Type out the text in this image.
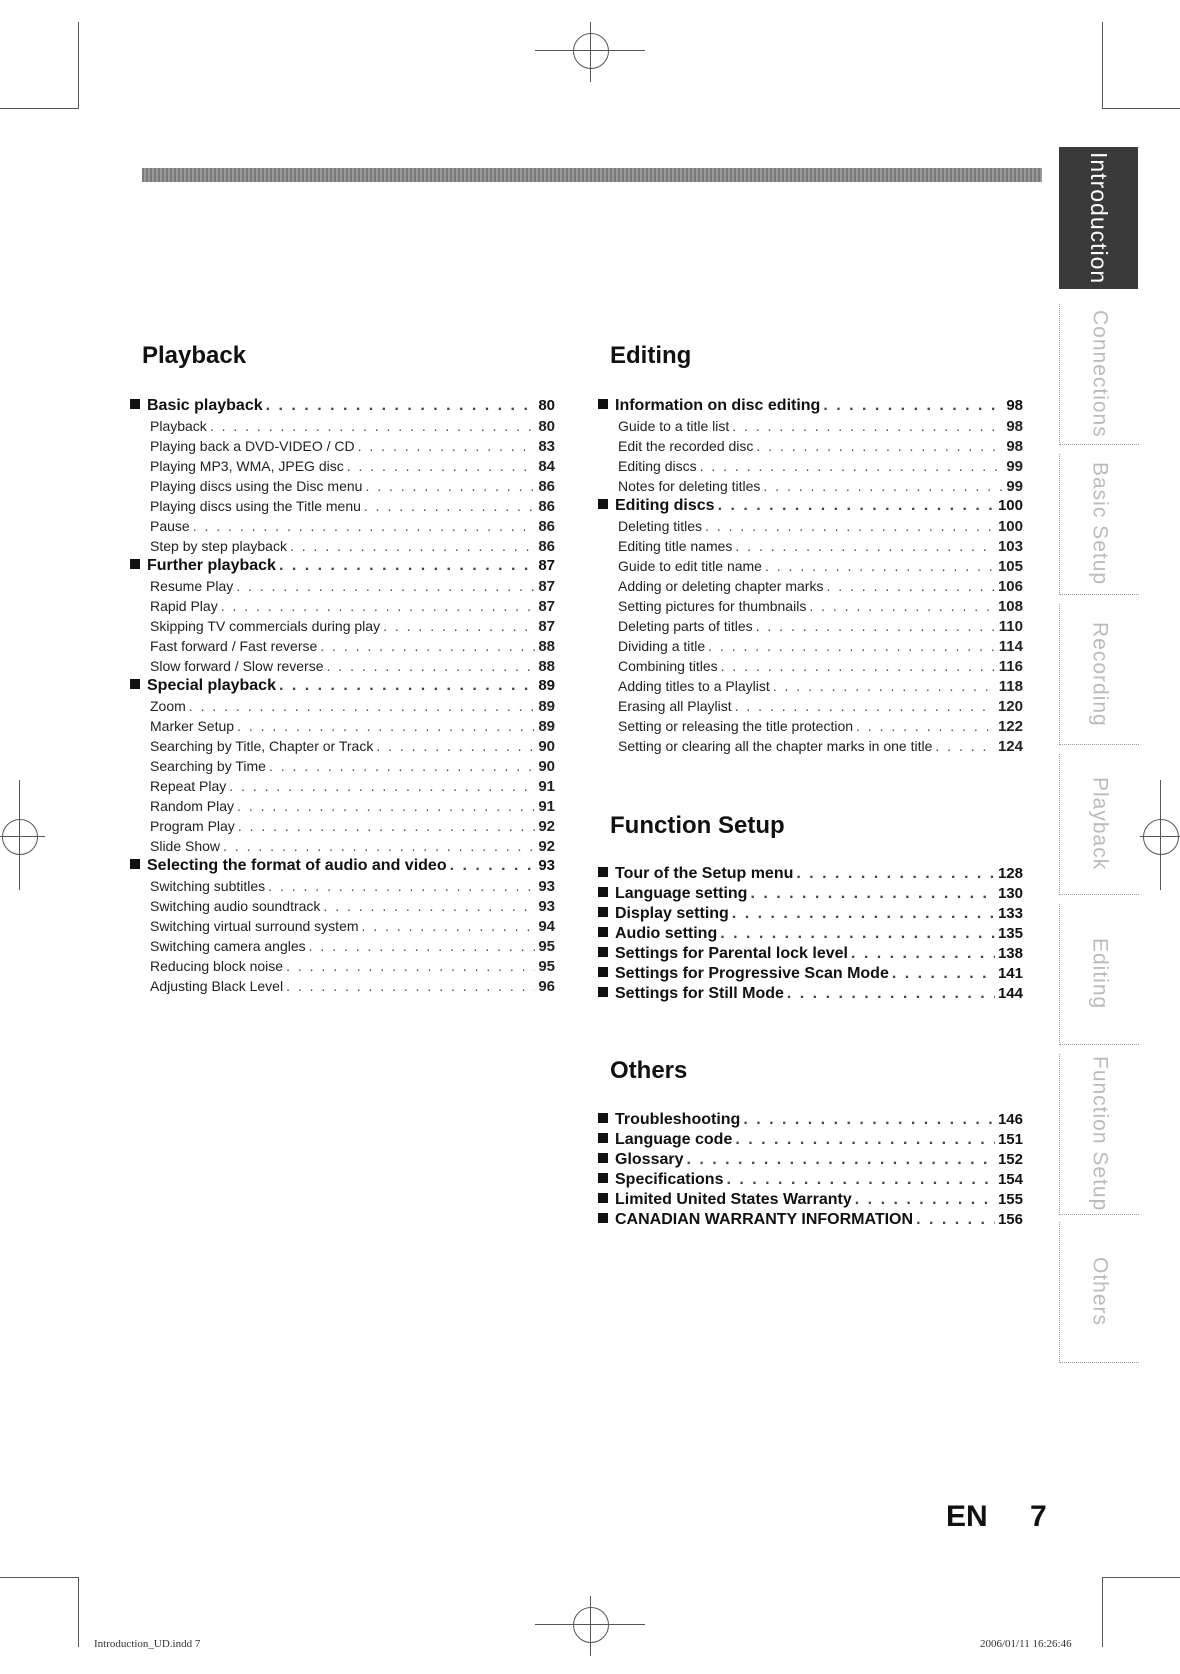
Introduction
Connections
Basic Setup
Recording
Playback
Editing
Function Setup
Others
Playback
Basic playback . . .	80
Playback . . .	80
Playing back a DVD-VIDEO / CD . . .	83
Playing MP3, WMA, JPEG disc . . .	84
Playing discs using the Disc menu . . .	86
Playing discs using the Title menu . . .	86
Pause . . .	86
Step by step playback . . .	86
Further playback . . .	87
Resume Play . . .	87
Rapid Play . . .	87
Skipping TV commercials during play . . .	87
Fast forward / Fast reverse . . .	88
Slow forward / Slow reverse . . .	88
Special playback . . .	89
Zoom . . .	89
Marker Setup . . .	89
Searching by Title, Chapter or Track . . .	90
Searching by Time . . .	90
Repeat Play . . .	91
Random Play . . .	91
Program Play . . .	92
Slide Show . . .	92
Selecting the format of audio and video . . .	93
Switching subtitles . . .	93
Switching audio soundtrack . . .	93
Switching virtual surround system . . .	94
Switching camera angles . . .	95
Reducing block noise . . .	95
Adjusting Black Level . . .	96
Editing
Information on disc editing . . .	98
Guide to a title list . . .	98
Edit the recorded disc . . .	98
Editing discs . . .	99
Notes for deleting titles . . .	99
Editing discs . . .	100
Deleting titles . . .	100
Editing title names . . .	103
Guide to edit title name . . .	105
Adding or deleting chapter marks . . .	106
Setting pictures for thumbnails . . .	108
Deleting parts of titles . . .	110
Dividing a title . . .	114
Combining titles . . .	116
Adding titles to a Playlist . . .	118
Erasing all Playlist . . .	120
Setting or releasing the title protection . . .	122
Setting or clearing all the chapter marks in one title . . .	124
Function Setup
Tour of the Setup menu . . .	128
Language setting . . .	130
Display setting . . .	133
Audio setting . . .	135
Settings for Parental lock level . . .	138
Settings for Progressive Scan Mode . . .	141
Settings for Still Mode . . .	144
Others
Troubleshooting . . .	146
Language code . . .	151
Glossary . . .	152
Specifications . . .	154
Limited United States Warranty . . .	155
CANADIAN WARRANTY INFORMATION . . .	156
EN 7
Introduction_UD.indd 7	2006/01/11 16:26:46
